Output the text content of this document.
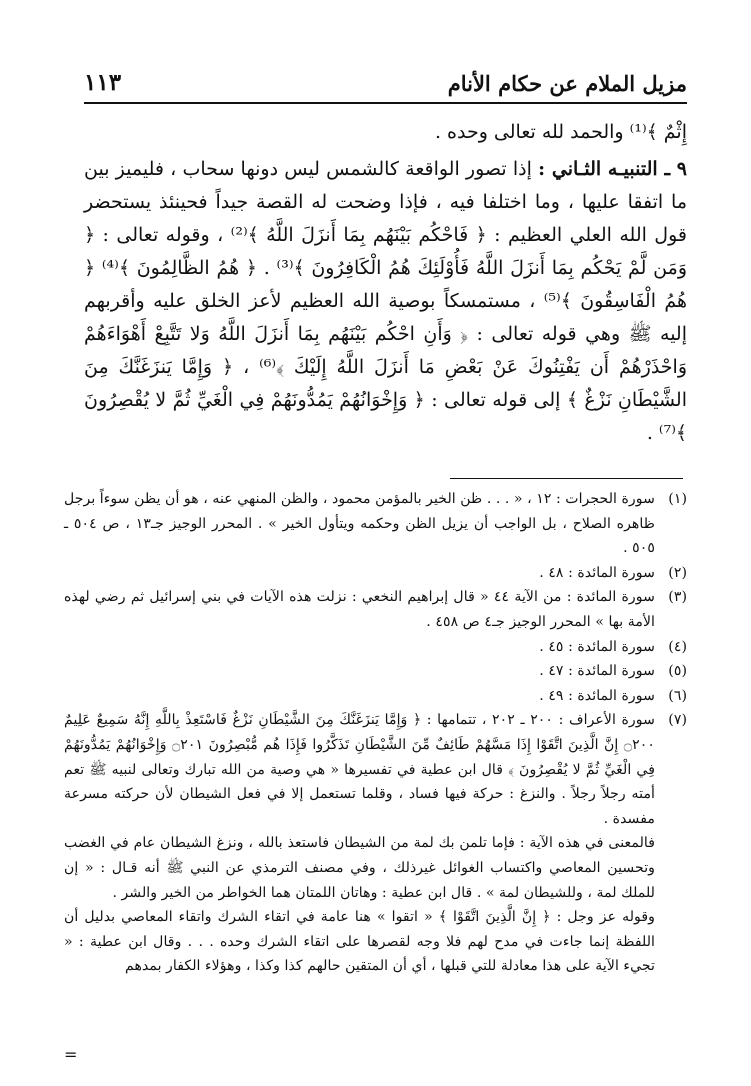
مزيل الملام عن حكام الأنام
١١٣

إِثْمٌ ﴾⁽¹⁾ والحمد لله تعالى وحده .

٩ ـ التنبيـه الثـاني : إذا تصور الواقعة كالشمس ليس دونها سحاب ، فليميز بين ما اتفقا عليها ، وما اختلفا فيه ، فإذا وضحت له القصة جيداً فحينئذ يستحضر قول الله العلي العظيم : ﴿ فَاحْكُم بَيْنَهُم بِمَا أَنزَلَ اللَّهُ ﴾⁽²⁾ ، وقوله تعالى : ﴿ وَمَن لَّمْ يَحْكُم بِمَا أَنزَلَ اللَّهُ فَأُوْلَئِكَ هُمُ الْكَافِرُونَ ﴾⁽³⁾ . ﴿ هُمُ الظَّالِمُونَ ﴾⁽⁴⁾ ﴿ هُمُ الْفَاسِقُونَ ﴾⁽⁵⁾ ، مستمسكاً بوصية الله العظيم لأعز الخلق عليه وأقربهم إليه ﷺ وهي قوله تعالى : ﴿ وَأَنِ احْكُم بَيْنَهُم بِمَا أَنزَلَ اللَّهُ وَلا تَتَّبِعْ أَهْوَاءَهُمْ وَاحْذَرْهُمْ أَن يَفْتِنُوكَ عَنْ بَعْضِ مَا أَنزَلَ اللَّهُ إِلَيْكَ ﴾⁽⁶⁾ ، ﴿ وَإِمَّا يَنزَغَنَّكَ مِنَ الشَّيْطَانِ نَزْغٌ ﴾ إلى قوله تعالى : ﴿ وَإِخْوَانُهُمْ يَمُدُّونَهُمْ فِي الْغَيِّ ثُمَّ لا يُقْصِرُونَ ﴾⁽⁷⁾ .

(١)
سورة الحجرات : ١٢ ، « . . . ظن الخير بالمؤمن محمود ، والظن المنهي عنه ، هو أن يظن سوءاً برجل ظاهره الصلاح ، بل الواجب أن يزيل الظن وحكمه ويتأول الخير » . المحرر الوجيز جـ١٣ ، ص ٥٠٤ ـ ٥٠٥ .
(٢)
سورة المائدة : ٤٨ .
(٣)
سورة المائدة : من الآية ٤٤ « قال إبراهيم النخعي : نزلت هذه الآيات في بني إسرائيل ثم رضي لهذه الأمة بها » المحرر الوجيز جـ٤ ص ٤٥٨ .
(٤)
سورة المائدة : ٤٥ .
(٥)
سورة المائدة : ٤٧ .
(٦)
سورة المائدة : ٤٩ .
(٧)
سورة الأعراف : ٢٠٠ ـ ٢٠٢ ، تتمامها : ﴿ وَإِمَّا يَنزَغَنَّكَ مِنَ الشَّيْطَانِ نَزْغٌ فَاسْتَعِذْ بِاللَّهِ إِنَّهُ سَمِيعٌ عَلِيمٌ ۝٢٠٠ إِنَّ الَّذِينَ اتَّقَوْا إِذَا مَسَّهُمْ طَائِفٌ مِّنَ الشَّيْطَانِ تَذَكَّرُوا فَإِذَا هُم مُّبْصِرُونَ ۝٢٠١ وَإِخْوَانُهُمْ يَمُدُّونَهُمْ فِي الْغَيِّ ثُمَّ لا يُقْصِرُونَ ﴾ قال ابن عطية في تفسيرها « هي وصية من الله تبارك وتعالى لنبيه ﷺ تعم أمته رجلاً رجلاً . والنزغ : حركة فيها فساد ، وقلما تستعمل إلا في فعل الشيطان لأن حركته مسرعة مفسدة .

فالمعنى في هذه الآية : فإما تلمن بك لمة من الشيطان فاستعذ بالله ، ونزغ الشيطان عام في الغضب وتحسين المعاصي واكتساب الغوائل غيرذلك ، وفي مصنف الترمذي عن النبي ﷺ أنه قـال : « إن للملك لمة ، وللشيطان لمة » . قال ابن عطية : وهاتان اللمتان هما الخواطر من الخير والشر .

وقوله عز وجل : ﴿ إِنَّ الَّذِينَ اتَّقَوْا ﴾ « اتقوا » هنا عامة في اتقاء الشرك واتقاء المعاصي بدليل أن اللفظة إنما جاءت في مدح لهم فلا وجه لقصرها على اتقاء الشرك وحده . . . وقال ابن عطية : « تجيء الآية على هذا معادلة للتي قبلها ، أي أن المتقين حالهم كذا وكذا ، وهؤلاء الكفار بمدهم

=
